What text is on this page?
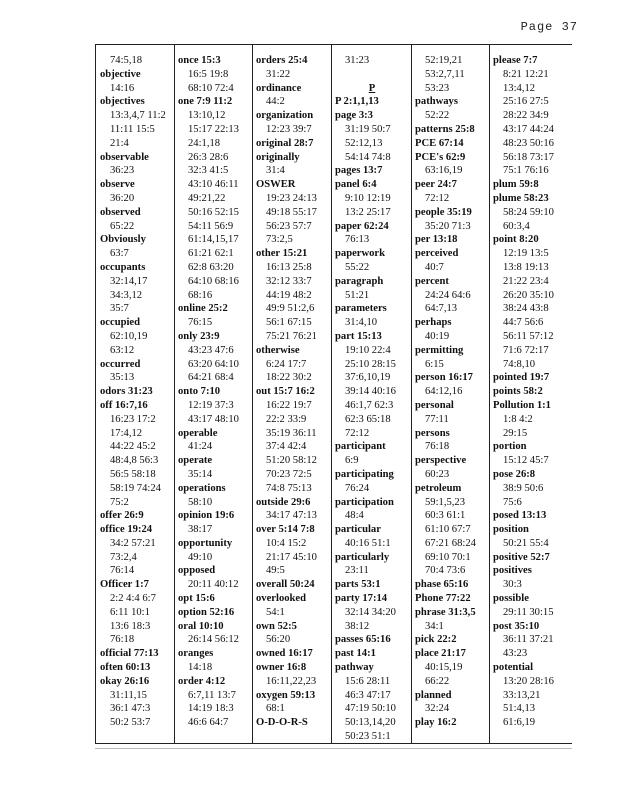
Page 37
74:5,18
objective
14:16
objectives
13:3,4,7 11:2
11:11 15:5
21:4
observable
36:23
observe
36:20
observed
65:22
Obviously
63:7
occupants
32:14,17
34:3,12
35:7
occupied
62:10,19
63:12
occurred
35:13
odors 31:23
off 16:7,16
16:23 17:2
17:4,12
44:22 45:2
48:4,8 56:3
56:5 58:18
58:19 74:24
75:2
offer 26:9
office 19:24
34:2 57:21
73:2,4
76:14
Officer 1:7
2:2 4:4 6:7
6:11 10:1
13:6 18:3
76:18
official 77:13
often 60:13
okay 26:16
31:11,15
36:1 47:3
50:2 53:7
once 15:3
16:5 19:8
68:10 72:4
one 7:9 11:2
13:10,12
15:17 22:13
24:1,18
26:3 28:6
32:3 41:5
43:10 46:11
49:21,22
50:16 52:15
54:11 56:9
61:14,15,17
61:21 62:1
62:8 63:20
64:10 68:16
68:16
online 25:2
76:15
only 23:9
43:23 47:6
63:20 64:10
64:21 68:4
onto 7:10
12:19 37:3
43:17 48:10
operable
41:24
operate
35:14
operations
58:10
opinion 19:6
38:17
opportunity
49:10
opposed
20:11 40:12
opt 15:6
option 52:16
oral 10:10
26:14 56:12
oranges
14:18
order 4:12
6:7,11 13:7
14:19 18:3
46:6 64:7
orders 25:4
31:22
ordinance
44:2
organization
12:23 39:7
original 28:7
originally
31:4
OSWER
19:23 24:13
49:18 55:17
56:23 57:7
73:2,5
other 15:21
16:13 25:8
32:12 33:7
44:19 48:2
49:9 51:2,6
56:1 67:15
75:21 76:21
otherwise
6:24 17:7
18:22 30:2
out 15:7 16:2
16:22 19:7
22:2 33:9
35:19 36:11
37:4 42:4
51:20 58:12
70:23 72:5
74:8 75:13
outside 29:6
34:17 47:13
over 5:14 7:8
10:4 15:2
21:17 45:10
49:5
overall 50:24
overlooked
54:1
own 52:5
56:20
owned 16:17
owner 16:8
16:11,22,23
oxygen 59:13
68:1
O-D-O-R-S
31:23
P
P 2:1,1,13
page 3:3
31:19 50:7
52:12,13
54:14 74:8
pages 13:7
panel 6:4
9:10 12:19
13:2 25:17
paper 62:24
76:13
paperwork
55:22
paragraph
51:21
parameters
31:4,10
part 15:13
19:10 22:4
25:10 28:15
37:6,10,19
39:14 40:16
46:1,7 62:3
62:3 65:18
72:12
participant
6:9
participating
76:24
participation
48:4
particular
40:16 51:1
particularly
23:11
parts 53:1
party 17:14
32:14 34:20
38:12
passes 65:16
past 14:1
pathway
15:6 28:11
46:3 47:17
47:19 50:10
50:13,14,20
50:23 51:1
52:19,21
53:2,7,11
53:23
pathways
52:22
patterns 25:8
PCE 67:14
PCE's 62:9
63:16,19
peer 24:7
72:12
people 35:19
35:20 71:3
per 13:18
perceived
40:7
percent
24:24 64:6
64:7,13
perhaps
40:19
permitting
6:15
person 16:17
64:12,16
personal
77:11
persons
76:18
perspective
60:23
petroleum
59:1,5,23
60:3 61:1
61:10 67:7
67:21 68:24
69:10 70:1
70:4 73:6
phase 65:16
Phone 77:22
phrase 31:3,5
34:1
pick 22:2
place 21:17
40:15,19
66:22
planned
32:24
play 16:2
please 7:7
8:21 12:21
13:4,12
25:16 27:5
28:22 34:9
43:17 44:24
48:23 50:16
56:18 73:17
75:1 76:16
plum 59:8
plume 58:23
58:24 59:10
60:3,4
point 8:20
12:19 13:5
13:8 19:13
21:22 23:4
26:20 35:10
38:24 43:8
44:7 56:6
56:11 57:12
71:6 72:17
74:8,10
pointed 19:7
points 58:2
Pollution 1:1
1:8 4:2
29:15
portion
15:12 45:7
pose 26:8
38:9 50:6
75:6
posed 13:13
position
50:21 55:4
positive 52:7
positives
30:3
possible
29:11 30:15
post 35:10
36:11 37:21
43:23
potential
13:20 28:16
33:13,21
51:4,13
61:6,19
